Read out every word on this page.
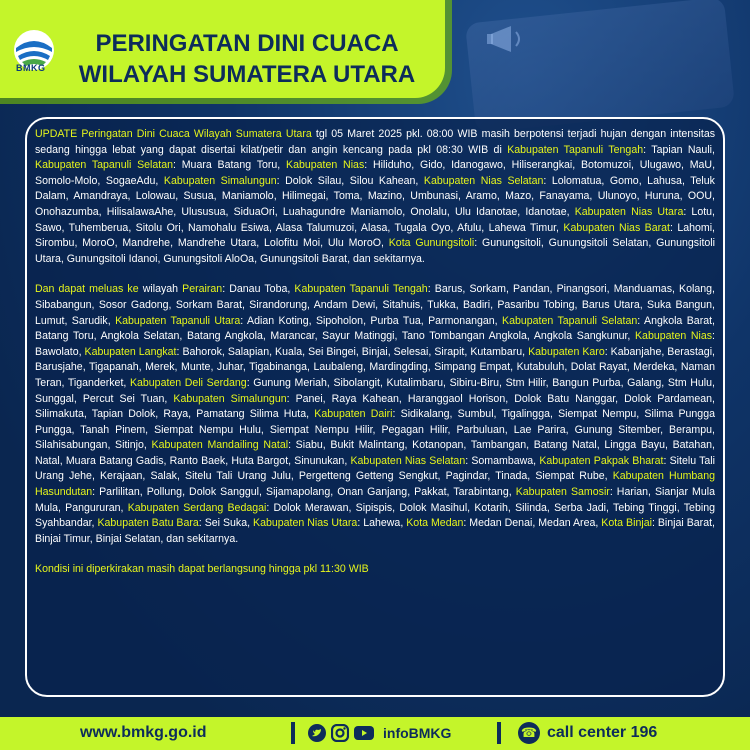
BMKG
PERINGATAN DINI CUACA
WILAYAH SUMATERA UTARA

UPDATE Peringatan Dini Cuaca Wilayah Sumatera Utara tgl 05 Maret 2025 pkl. 08:00 WIB masih berpotensi terjadi hujan dengan intensitas sedang hingga lebat yang dapat disertai kilat/petir dan angin kencang pada pkl 08:30 WIB di Kabupaten Tapanuli Tengah: Tapian Nauli, Kabupaten Tapanuli Selatan: Muara Batang Toru, Kabupaten Nias: Hiliduho, Gido, Idanogawo, Hiliserangkai, Botomuzoi, Ulugawo, MaU, Somolo-Molo, SogaeAdu, Kabupaten Simalungun: Dolok Silau, Silou Kahean, Kabupaten Nias Selatan: Lolomatua, Gomo, Lahusa, Teluk Dalam, Amandraya, Lolowau, Susua, Maniamolo, Hilimegai, Toma, Mazino, Umbunasi, Aramo, Mazo, Fanayama, Ulunoyo, Huruna, OOU, Onohazumba, HilisalawaAhe, Ulususua, SiduaOri, Luahagundre Maniamolo, Onolalu, Ulu Idanotae, Idanotae, Kabupaten Nias Utara: Lotu, Sawo, Tuhemberua, Sitolu Ori, Namohalu Esiwa, Alasa Talumuzoi, Alasa, Tugala Oyo, Afulu, Lahewa Timur, Kabupaten Nias Barat: Lahomi, Sirombu, MoroO, Mandrehe, Mandrehe Utara, Lolofitu Moi, Ulu MoroO, Kota Gunungsitoli: Gunungsitoli, Gunungsitoli Selatan, Gunungsitoli Utara, Gunungsitoli Idanoi, Gunungsitoli AloOa, Gunungsitoli Barat, dan sekitarnya.

Dan dapat meluas ke wilayah Perairan: Danau Toba, Kabupaten Tapanuli Tengah: Barus, Sorkam, Pandan, Pinangsori, Manduamas, Kolang, Sibabangun, Sosor Gadong, Sorkam Barat, Sirandorung, Andam Dewi, Sitahuis, Tukka, Badiri, Pasaribu Tobing, Barus Utara, Suka Bangun, Lumut, Sarudik, Kabupaten Tapanuli Utara: Adian Koting, Sipoholon, Purba Tua, Parmonangan, Kabupaten Tapanuli Selatan: Angkola Barat, Batang Toru, Angkola Selatan, Batang Angkola, Marancar, Sayur Matinggi, Tano Tombangan Angkola, Angkola Sangkunur, Kabupaten Nias: Bawolato, Kabupaten Langkat: Bahorok, Salapian, Kuala, Sei Bingei, Binjai, Selesai, Sirapit, Kutambaru, Kabupaten Karo: Kabanjahe, Berastagi, Barusjahe, Tigapanah, Merek, Munte, Juhar, Tigabinanga, Laubaleng, Mardingding, Simpang Empat, Kutabuluh, Dolat Rayat, Merdeka, Naman Teran, Tiganderket, Kabupaten Deli Serdang: Gunung Meriah, Sibolangit, Kutalimbaru, Sibiru-Biru, Stm Hilir, Bangun Purba, Galang, Stm Hulu, Sunggal, Percut Sei Tuan, Kabupaten Simalungun: Panei, Raya Kahean, Haranggaol Horison, Dolok Batu Nanggar, Dolok Pardamean, Silimakuta, Tapian Dolok, Raya, Pamatang Silima Huta, Kabupaten Dairi: Sidikalang, Sumbul, Tigalingga, Siempat Nempu, Silima Pungga Pungga, Tanah Pinem, Siempat Nempu Hulu, Siempat Nempu Hilir, Pegagan Hilir, Parbuluan, Lae Parira, Gunung Sitember, Berampu, Silahisabungan, Sitinjo, Kabupaten Mandailing Natal: Siabu, Bukit Malintang, Kotanopan, Tambangan, Batang Natal, Lingga Bayu, Batahan, Natal, Muara Batang Gadis, Ranto Baek, Huta Bargot, Sinunukan, Kabupaten Nias Selatan: Somambawa, Kabupaten Pakpak Bharat: Sitelu Tali Urang Jehe, Kerajaan, Salak, Sitelu Tali Urang Julu, Pergetteng Getteng Sengkut, Pagindar, Tinada, Siempat Rube, Kabupaten Humbang Hasundutan: Parlilitan, Pollung, Dolok Sanggul, Sijamapolang, Onan Ganjang, Pakkat, Tarabintang, Kabupaten Samosir: Harian, Sianjar Mula Mula, Pangururan, Kabupaten Serdang Bedagai: Dolok Merawan, Sipispis, Dolok Masihul, Kotarih, Silinda, Serba Jadi, Tebing Tinggi, Tebing Syahbandar, Kabupaten Batu Bara: Sei Suka, Kabupaten Nias Utara: Lahewa, Kota Medan: Medan Denai, Medan Area, Kota Binjai: Binjai Barat, Binjai Timur, Binjai Selatan, dan sekitarnya.

Kondisi ini diperkirakan masih dapat berlangsung hingga pkl 11:30 WIB

www.bmkg.go.id	infoBMKG	☎ call center 196
